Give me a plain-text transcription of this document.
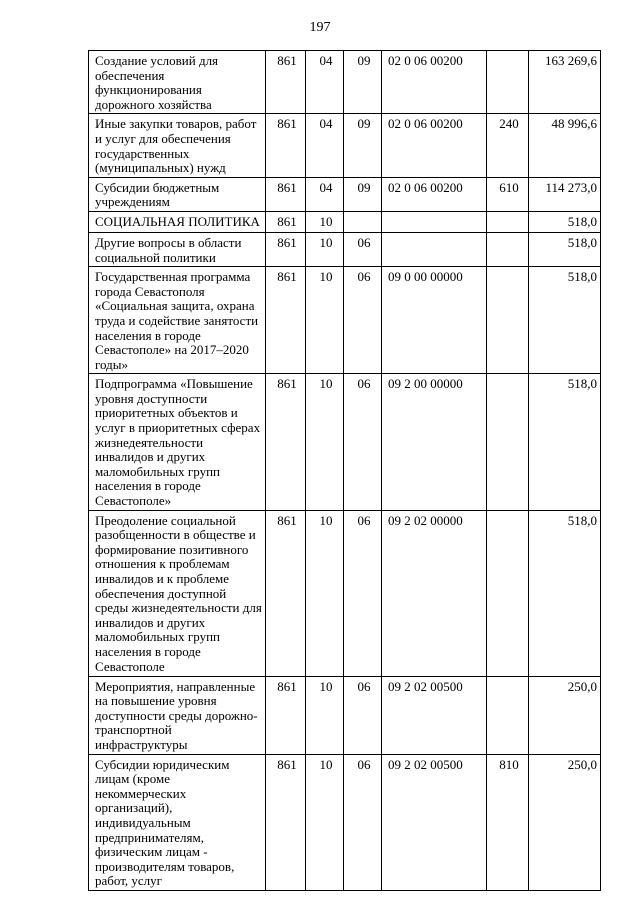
197
Создание условий для обеспечения функционирования дорожного хозяйства	861	04	09	02 0 06 00200		163 269,6
Иные закупки товаров, работ и услуг для обеспечения государственных (муниципальных) нужд	861	04	09	02 0 06 00200	240	48 996,6
Субсидии бюджетным учреждениям	861	04	09	02 0 06 00200	610	114 273,0
СОЦИАЛЬНАЯ ПОЛИТИКА	861	10				518,0
Другие вопросы в области социальной политики	861	10	06			518,0
Государственная программа города Севастополя «Социальная защита, охрана труда и содействие занятости населения в городе Севастополе» на 2017–2020 годы»	861	10	06	09 0 00 00000		518,0
Подпрограмма «Повышение уровня доступности приоритетных объектов и услуг в приоритетных сферах жизнедеятельности инвалидов и других маломобильных групп населения в городе Севастополе»	861	10	06	09 2 00 00000		518,0
Преодоление социальной разобщенности в обществе и формирование позитивного отношения к проблемам инвалидов и к проблеме обеспечения доступной среды жизнедеятельности для инвалидов и других маломобильных групп населения в городе Севастополе	861	10	06	09 2 02 00000		518,0
Мероприятия, направленные на повышение уровня доступности среды дорожно-транспортной инфраструктуры	861	10	06	09 2 02 00500		250,0
Субсидии юридическим лицам (кроме некоммерческих организаций), индивидуальным предпринимателям, физическим лицам - производителям товаров, работ, услуг	861	10	06	09 2 02 00500	810	250,0
